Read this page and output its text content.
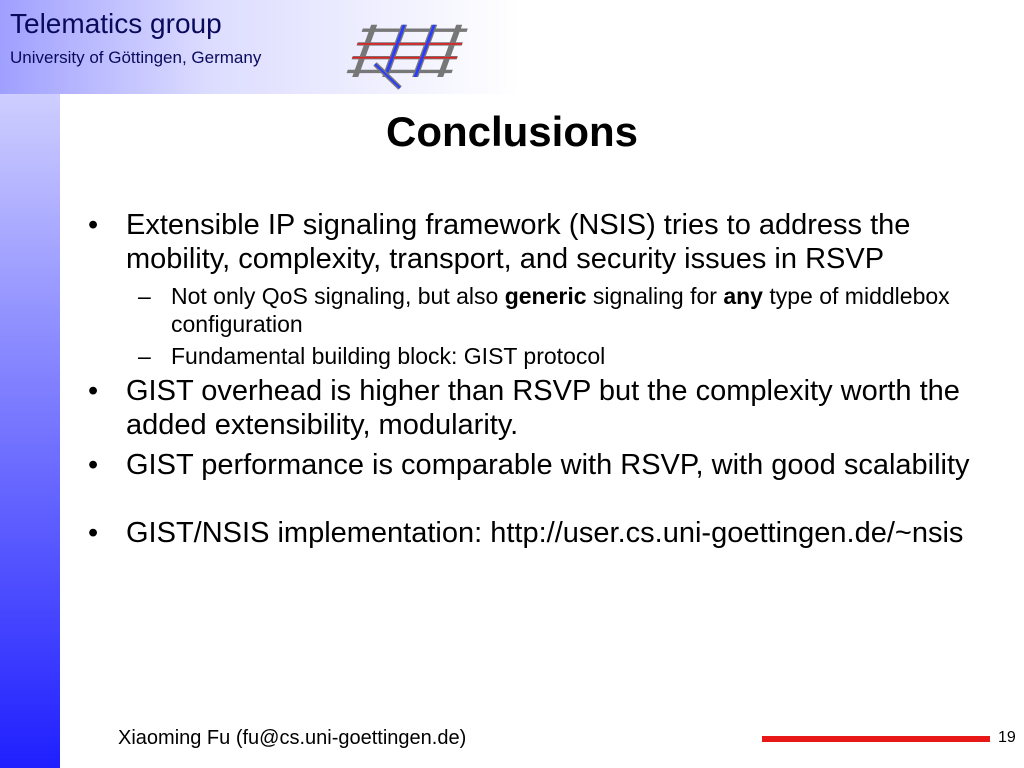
Telematics group
University of Göttingen, Germany
Conclusions
• Extensible IP signaling framework (NSIS) tries to address the mobility, complexity, transport, and security issues in RSVP
– Not only QoS signaling, but also generic signaling for any type of middlebox configuration
– Fundamental building block: GIST protocol
• GIST overhead is higher than RSVP but the complexity worth the added extensibility, modularity.
• GIST performance is comparable with RSVP, with good scalability
• GIST/NSIS implementation: http://user.cs.uni-goettingen.de/~nsis
Xiaoming Fu (fu@cs.uni-goettingen.de)	19
